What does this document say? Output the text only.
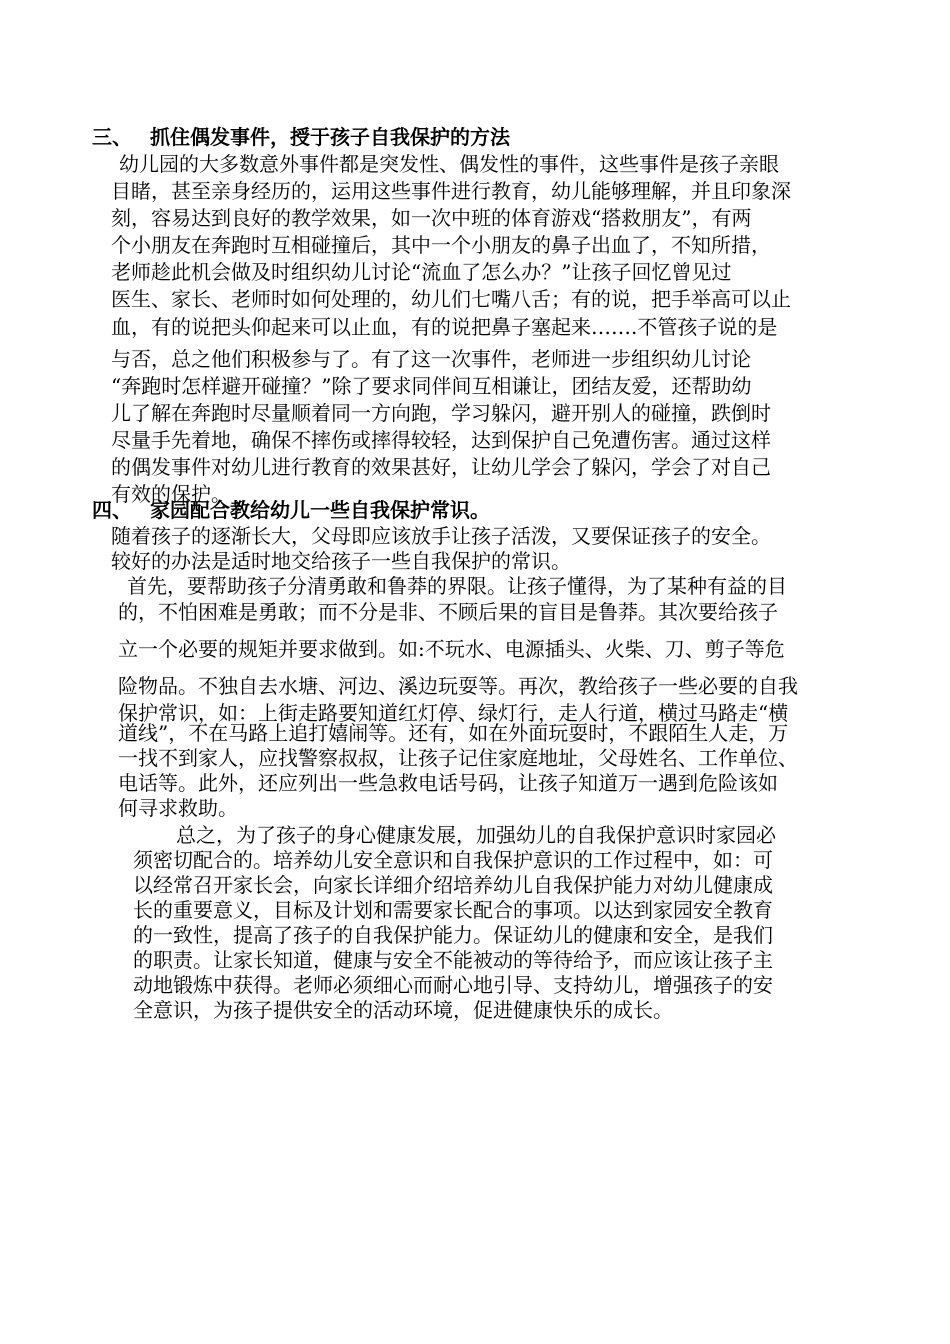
三、 抓住偶发事件，授于孩子自我保护的方法
幼儿园的大多数意外事件都是突发性、偶发性的事件，这些事件是孩子亲眼
目睹，甚至亲身经历的，运用这些事件进行教育，幼儿能够理解，并且印象深
刻，容易达到良好的教学效果，如一次中班的体育游戏“搭救朋友”，有两
个小朋友在奔跑时互相碰撞后，其中一个小朋友的鼻子出血了，不知所措，
老师趁此机会做及时组织幼儿讨论“流血了怎么办？”让孩子回忆曾见过
医生、家长、老师时如何处理的，幼儿们七嘴八舌；有的说，把手举高可以止
血，有的说把头仰起来可以止血，有的说把鼻子塞起来…….不管孩子说的是
与否，总之他们积极参与了。有了这一次事件，老师进一步组织幼儿讨论
“奔跑时怎样避开碰撞？”除了要求同伴间互相谦让，团结友爱，还帮助幼
儿了解在奔跑时尽量顺着同一方向跑，学习躲闪，避开别人的碰撞，跌倒时
尽量手先着地，确保不摔伤或摔得较轻，达到保护自己免遭伤害。通过这样
的偶发事件对幼儿进行教育的效果甚好，让幼儿学会了躲闪，学会了对自己
有效的保护。
四、 家园配合教给幼儿一些自我保护常识。
随着孩子的逐渐长大，父母即应该放手让孩子活泼，又要保证孩子的安全。
较好的办法是适时地交给孩子一些自我保护的常识。
首先，要帮助孩子分清勇敢和鲁莽的界限。让孩子懂得，为了某种有益的目
的，不怕困难是勇敢；而不分是非、不顾后果的盲目是鲁莽。其次要给孩子
立一个必要的规矩并要求做到。如:不玩水、电源插头、火柴、刀、剪子等危
险物品。不独自去水塘、河边、溪边玩耍等。再次，教给孩子一些必要的自我
保护常识，如：上街走路要知道红灯停、绿灯行，走人行道，横过马路走“横
道线”，不在马路上追打嬉闹等。还有，如在外面玩耍时，不跟陌生人走，万
一找不到家人，应找警察叔叔，让孩子记住家庭地址，父母姓名、工作单位、
电话等。此外，还应列出一些急救电话号码，让孩子知道万一遇到危险该如
何寻求救助。
总之，为了孩子的身心健康发展，加强幼儿的自我保护意识时家园必
须密切配合的。培养幼儿安全意识和自我保护意识的工作过程中，如：可
以经常召开家长会，向家长详细介绍培养幼儿自我保护能力对幼儿健康成
长的重要意义，目标及计划和需要家长配合的事项。以达到家园安全教育
的一致性，提高了孩子的自我保护能力。保证幼儿的健康和安全，是我们
的职责。让家长知道，健康与安全不能被动的等待给予，而应该让孩子主
动地锻炼中获得。老师必须细心而耐心地引导、支持幼儿，增强孩子的安
全意识，为孩子提供安全的活动环境，促进健康快乐的成长。
